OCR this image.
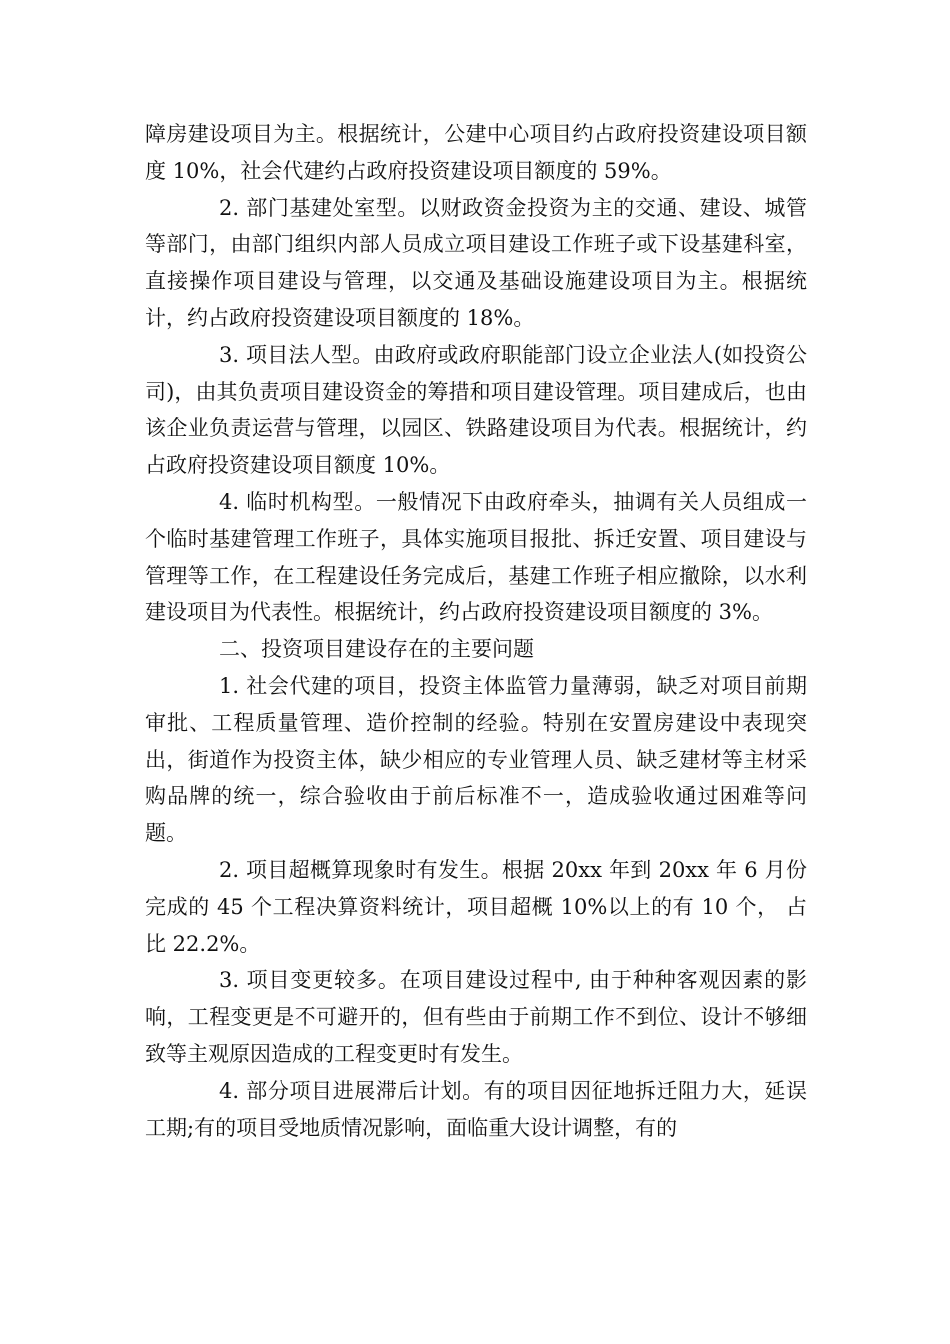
障房建设项目为主。根据统计，公建中心项目约占政府投资建设项目额度 10%，社会代建约占政府投资建设项目额度的 59%。

2. 部门基建处室型。以财政资金投资为主的交通、建设、城管等部门，由部门组织内部人员成立项目建设工作班子或下设基建科室，直接操作项目建设与管理，以交通及基础设施建设项目为主。根据统计，约占政府投资建设项目额度的 18%。

3. 项目法人型。由政府或政府职能部门设立企业法人(如投资公司)，由其负责项目建设资金的筹措和项目建设管理。项目建成后，也由该企业负责运营与管理，以园区、铁路建设项目为代表。根据统计，约占政府投资建设项目额度 10%。

4. 临时机构型。一般情况下由政府牵头，抽调有关人员组成一个临时基建管理工作班子，具体实施项目报批、拆迁安置、项目建设与管理等工作，在工程建设任务完成后，基建工作班子相应撤除，以水利建设项目为代表性。根据统计，约占政府投资建设项目额度的 3%。

二、投资项目建设存在的主要问题

1. 社会代建的项目，投资主体监管力量薄弱，缺乏对项目前期审批、工程质量管理、造价控制的经验。特别在安置房建设中表现突出，街道作为投资主体，缺少相应的专业管理人员、缺乏建材等主材采购品牌的统一，综合验收由于前后标准不一，造成验收通过困难等问题。

2. 项目超概算现象时有发生。根据 20xx 年到 20xx 年 6 月份完成的 45 个工程决算资料统计，项目超概 10%以上的有 10 个， 占比 22.2%。

3. 项目变更较多。在项目建设过程中, 由于种种客观因素的影响，工程变更是不可避开的，但有些由于前期工作不到位、设计不够细致等主观原因造成的工程变更时有发生。

4. 部分项目进展滞后计划。有的项目因征地拆迁阻力大，延误工期;有的项目受地质情况影响，面临重大设计调整，有的
